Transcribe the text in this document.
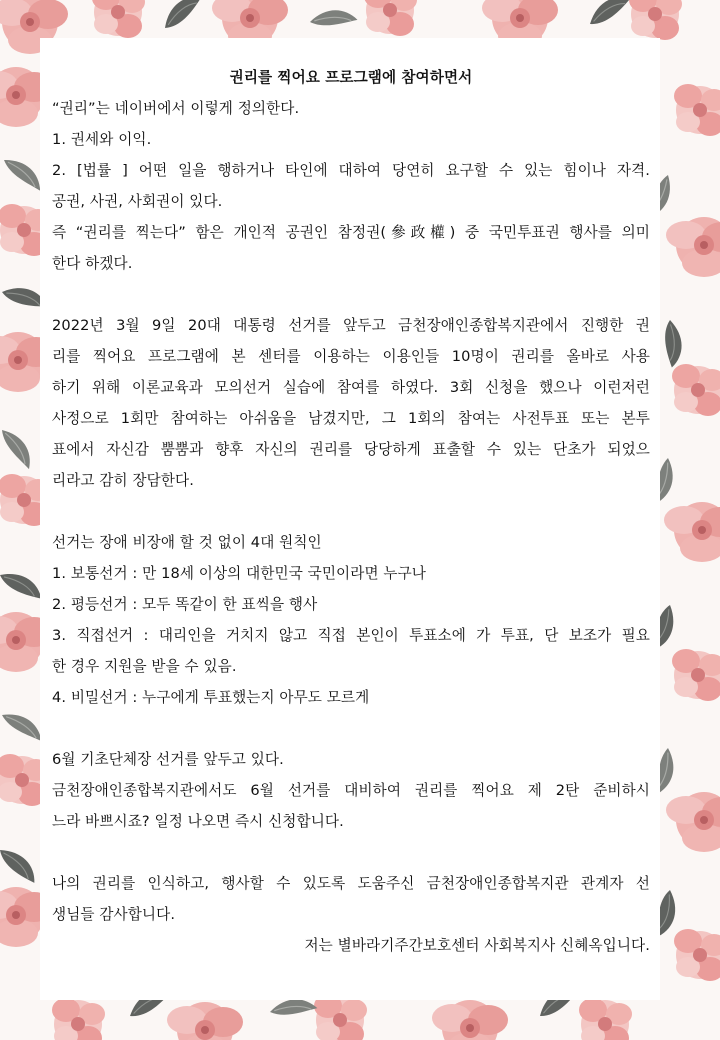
권리를 찍어요 프로그램에 참여하면서
“권리”는 네이버에서 이렇게 정의한다.
1. 권세와 이익.
2. [법률 ] 어떤 일을 행하거나 타인에 대하여 당연히 요구할 수 있는 힘이나 자격.
공권, 사권, 사회권이 있다.
즉 “권리를 찍는다” 함은 개인적 공권인 참정권(參政權) 중 국민투표권 행사를 의미
한다 하겠다.
2022년 3월 9일 20대 대통령 선거를 앞두고 금천장애인종합복지관에서 진행한 권
리를 찍어요 프로그램에 본 센터를 이용하는 이용인들 10명이 권리를 올바로 사용
하기 위해 이론교육과 모의선거 실습에 참여를 하였다. 3회 신청을 했으나 이런저런
사정으로 1회만 참여하는 아쉬움을 남겼지만, 그 1회의 참여는 사전투표 또는 본투
표에서 자신감 뿜뿜과 향후 자신의 권리를 당당하게 표출할 수 있는 단초가 되었으
리라고 감히 장담한다.
선거는 장애 비장애 할 것 없이 4대 원칙인
1. 보통선거 : 만 18세 이상의 대한민국 국민이라면 누구나
2. 평등선거 : 모두 똑같이 한 표씩을 행사
3. 직접선거 : 대리인을 거치지 않고 직접 본인이 투표소에 가 투표, 단 보조가 필요
한 경우 지원을 받을 수 있음.
4. 비밀선거 : 누구에게 투표했는지 아무도 모르게
6월 기초단체장 선거를 앞두고 있다.
금천장애인종합복지관에서도 6월 선거를 대비하여 권리를 찍어요 제 2탄 준비하시
느라 바쁘시죠? 일정 나오면 즉시 신청합니다.
나의 권리를 인식하고, 행사할 수 있도록 도움주신 금천장애인종합복지관 관계자 선
생님들 감사합니다.
저는 별바라기주간보호센터 사회복지사 신혜옥입니다.
